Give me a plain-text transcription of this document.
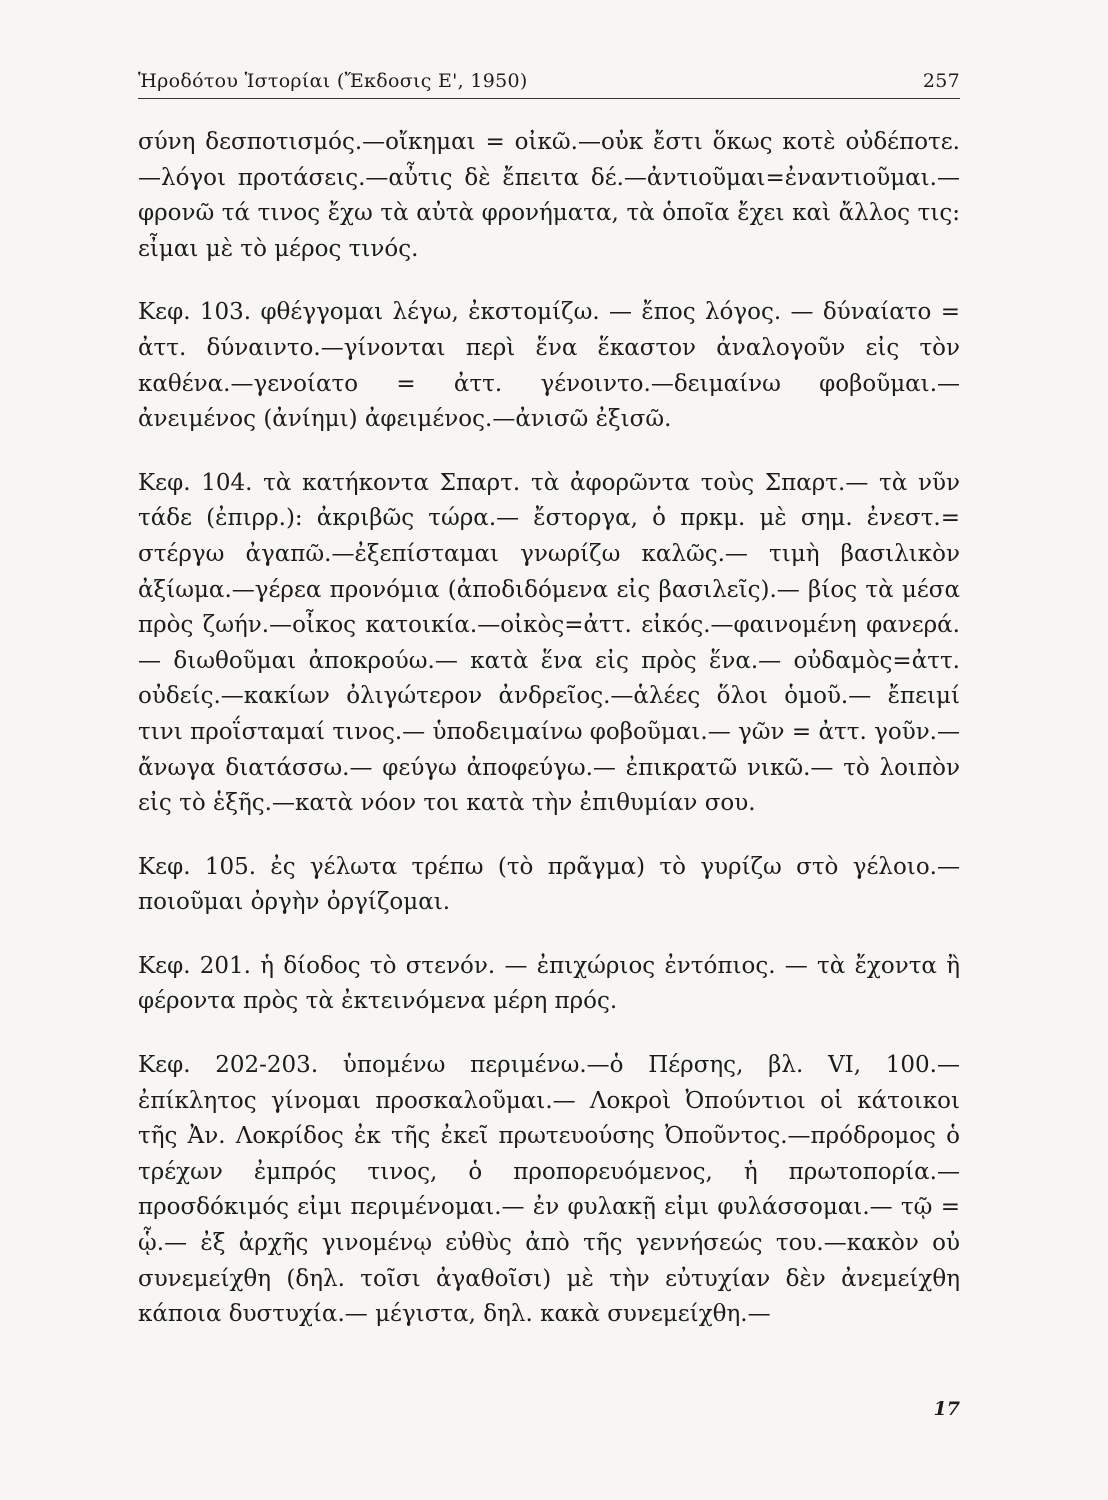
Ἡροδότου Ἱστορίαι (Ἔκδοσις Ε', 1950)	257

σύνη δεσποτισμός.—οἴκημαι = οἰκῶ.—οὐκ ἔστι ὅκως κοτὲ οὐδέποτε.—λόγοι προτάσεις.—αὖτις δὲ ἔπειτα δέ.—ἀντιοῦμαι=ἐναντιοῦμαι.— φρονῶ τά τινος ἔχω τὰ αὐτὰ φρονήματα, τὰ ὁποῖα ἔχει καὶ ἄλλος τις: εἶμαι μὲ τὸ μέρος τινός.

Κεφ. 103. φθέγγομαι λέγω, ἐκστομίζω. — ἔπος λόγος. — δύναίατο = ἀττ. δύναιντο.—γίνονται περὶ ἕνα ἕκαστον ἀναλογοῦν εἰς τὸν καθένα.—γενοίατο = ἀττ. γένοιντο.—δειμαίνω φοβοῦμαι.— ἀνειμένος (ἀνίημι) ἀφειμένος.—ἀνισῶ ἐξισῶ.

Κεφ. 104. τὰ κατήκοντα Σπαρτ. τὰ ἀφορῶντα τοὺς Σπαρτ.— τὰ νῦν τάδε (ἐπιρρ.): ἀκριβῶς τώρα.— ἔστοργα, ὁ πρκμ. μὲ σημ. ἐνεστ.= στέργω ἀγαπῶ.—ἐξεπίσταμαι γνωρίζω καλῶς.— τιμὴ βασιλικὸν ἀξίωμα.—γέρεα προνόμια (ἀποδιδόμενα εἰς βασιλεῖς).— βίος τὰ μέσα πρὸς ζωήν.—οἶκος κατοικία.—οἰκὸς=ἀττ. εἰκός.—φαινομένη φανερά.— διωθοῦμαι ἀποκρούω.— κατὰ ἕνα εἰς πρὸς ἕνα.— οὐδαμὸς=ἀττ. οὐδείς.—κακίων ὀλιγώτερον ἀνδρεῖος.—ἁλέες ὅλοι ὁμοῦ.— ἔπειμί τινι προΐσταμαί τινος.— ὑποδειμαίνω φοβοῦμαι.— γῶν = ἀττ. γοῦν.— ἄνωγα διατάσσω.— φεύγω ἀποφεύγω.— ἐπικρατῶ νικῶ.— τὸ λοιπὸν εἰς τὸ ἑξῆς.—κατὰ νόον τοι κατὰ τὴν ἐπιθυμίαν σου.

Κεφ. 105. ἐς γέλωτα τρέπω (τὸ πρᾶγμα) τὸ γυρίζω στὸ γέλοιο.—ποιοῦμαι ὀργὴν ὀργίζομαι.

Κεφ. 201. ἡ δίοδος τὸ στενόν. — ἐπιχώριος ἐντόπιος. — τὰ ἔχοντα ἢ φέροντα πρὸς τὰ ἐκτεινόμενα μέρη πρός.

Κεφ. 202-203. ὑπομένω περιμένω.—ὁ Πέρσης, βλ. VI, 100.— ἐπίκλητος γίνομαι προσκαλοῦμαι.— Λοκροὶ Ὀπούντιοι οἱ κάτοικοι τῆς Ἀν. Λοκρίδος ἐκ τῆς ἐκεῖ πρωτευούσης Ὀποῦντος.—πρόδρομος ὁ τρέχων ἐμπρός τινος, ὁ προπορευόμενος, ἡ πρωτοπορία.— προσδόκιμός εἰμι περιμένομαι.— ἐν φυλακῇ εἰμι φυλάσσομαι.— τῷ = ᾧ.— ἐξ ἀρχῆς γινομένῳ εὐθὺς ἀπὸ τῆς γεννήσεώς του.—κακὸν οὐ συνεμείχθη (δηλ. τοῖσι ἀγαθοῖσι) μὲ τὴν εὐτυχίαν δὲν ἀνεμείχθη κάποια δυστυχία.— μέγιστα, δηλ. κακὰ συνεμείχθη.—

17
